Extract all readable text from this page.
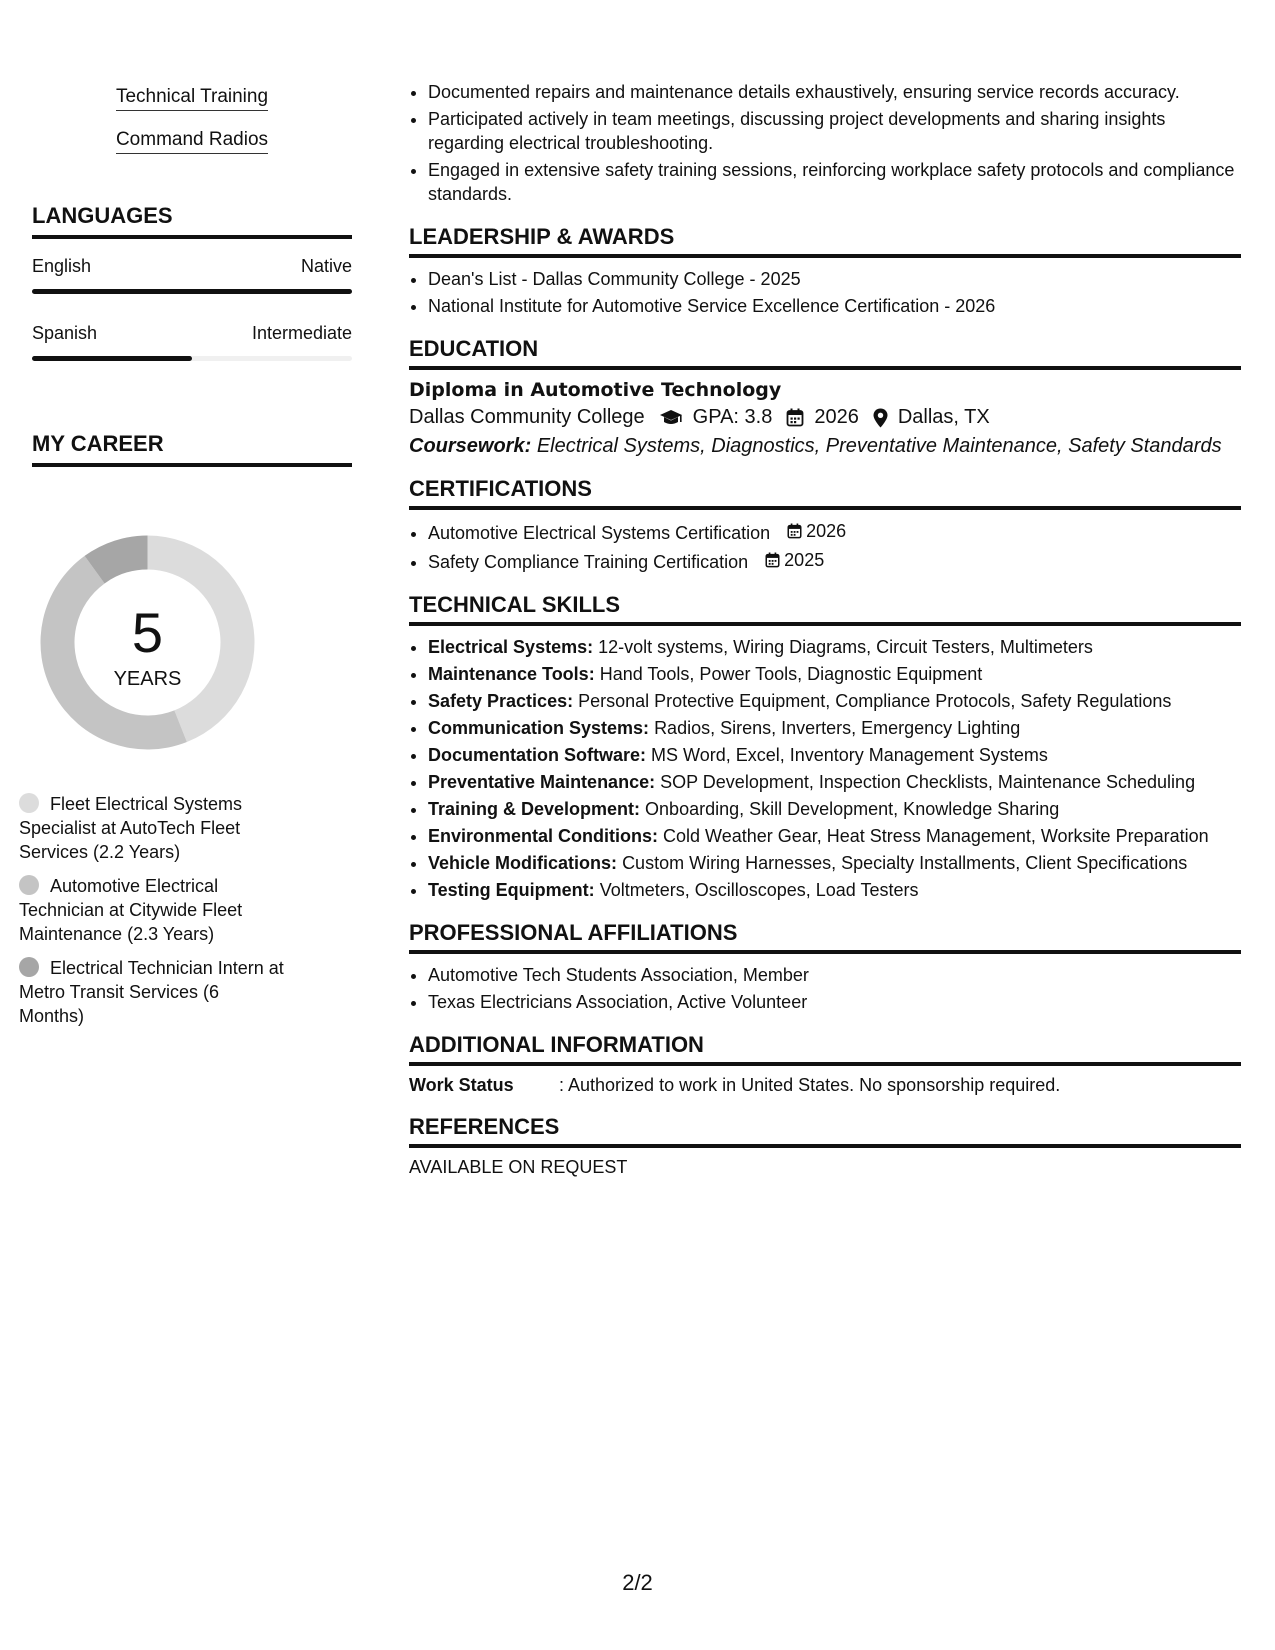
Technical Training
Command Radios
LANGUAGES
English	Native
Spanish	Intermediate
MY CAREER
5
YEARS
Fleet Electrical Systems Specialist at AutoTech Fleet Services (2.2 Years)
Automotive Electrical Technician at Citywide Fleet Maintenance (2.3 Years)
Electrical Technician Intern at Metro Transit Services (6 Months)
• Documented repairs and maintenance details exhaustively, ensuring service records accuracy.
• Participated actively in team meetings, discussing project developments and sharing insights regarding electrical troubleshooting.
• Engaged in extensive safety training sessions, reinforcing workplace safety protocols and compliance standards.
LEADERSHIP & AWARDS
• Dean's List - Dallas Community College - 2025
• National Institute for Automotive Service Excellence Certification - 2026
EDUCATION
Diploma in Automotive Technology
Dallas Community College GPA: 3.8 2026 Dallas, TX
Coursework: Electrical Systems, Diagnostics, Preventative Maintenance, Safety Standards
CERTIFICATIONS
• Automotive Electrical Systems Certification 2026
• Safety Compliance Training Certification 2025
TECHNICAL SKILLS
• Electrical Systems: 12-volt systems, Wiring Diagrams, Circuit Testers, Multimeters
• Maintenance Tools: Hand Tools, Power Tools, Diagnostic Equipment
• Safety Practices: Personal Protective Equipment, Compliance Protocols, Safety Regulations
• Communication Systems: Radios, Sirens, Inverters, Emergency Lighting
• Documentation Software: MS Word, Excel, Inventory Management Systems
• Preventative Maintenance: SOP Development, Inspection Checklists, Maintenance Scheduling
• Training & Development: Onboarding, Skill Development, Knowledge Sharing
• Environmental Conditions: Cold Weather Gear, Heat Stress Management, Worksite Preparation
• Vehicle Modifications: Custom Wiring Harnesses, Specialty Installments, Client Specifications
• Testing Equipment: Voltmeters, Oscilloscopes, Load Testers
PROFESSIONAL AFFILIATIONS
• Automotive Tech Students Association, Member
• Texas Electricians Association, Active Volunteer
ADDITIONAL INFORMATION
Work Status	: Authorized to work in United States. No sponsorship required.
REFERENCES
AVAILABLE ON REQUEST
2/2
